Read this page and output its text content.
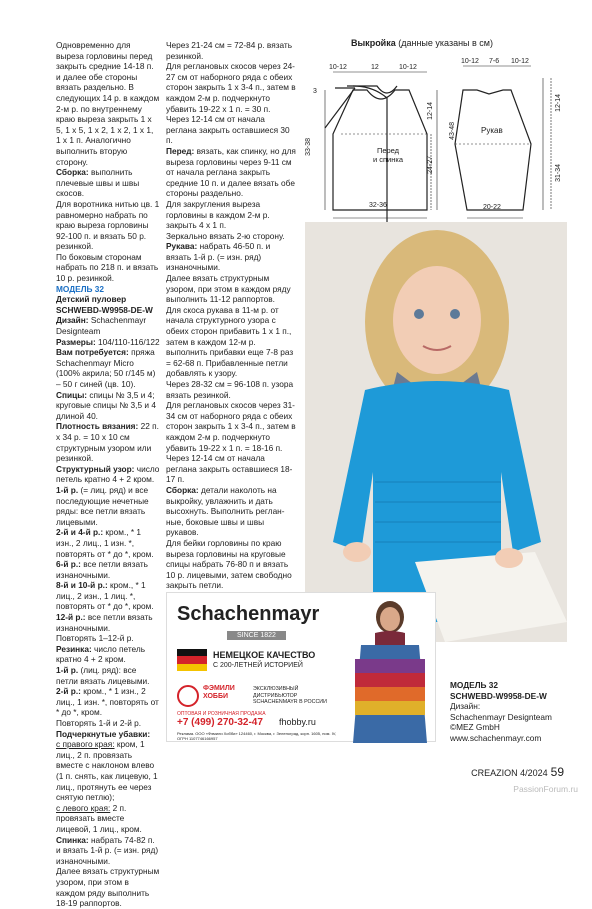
Одновременно для выреза горловины перед закрыть средние 14-18 п. и далее обе стороны вязать раздельно. В следующих 14 р. в каждом 2-м р. по внутреннему краю выреза закрыть 1 х 5, 1 х 5, 1 х 2, 1 х 2, 1 х 1, 1 х 1 п. Аналогично выполнить вторую сторону.

Сборка: выполнить плечевые швы и швы скосов.

Для воротника нитью цв. 1 равномерно набрать по краю выреза горловины 92-100 п. и вязать 50 р. резинкой.

По боковым сторонам набрать по 218 п. и вязать 10 р. резинкой.

МОДЕЛЬ 32

Детский пуловер

SCHWEBD-W9958-DE-W

Дизайн: Schachenmayr Designteam

Размеры: 104/110-116/122

Вам потребуется: пряжа Schachenmayr Micro (100% акрила; 50 г/145 м) – 50 г синей (цв. 10).

Спицы: спицы № 3,5 и 4; круговые спицы № 3,5 и 4 длиной 40.

Плотность вязания: 22 п. х 34 р. = 10 х 10 см структурным узором или резинкой.

Структурный узор: число петель кратно 4 + 2 кром.

1-й р. (= лиц. ряд) и все последующие нечетные ряды: все петли вязать лицевыми.

2-й и 4-й р.: кром., * 1 изн., 2 лиц., 1 изн. *, повторять от * до *, кром.

6-й р.: все петли вязать изнаночными.

8-й и 10-й р.: кром., * 1 лиц., 2 изн., 1 лиц. *, повторять от * до *, кром.

12-й р.: все петли вязать изнаночными.

Повторять 1–12-й р.

Резинка: число петель кратно 4 + 2 кром.

1-й р. (лиц. ряд): все петли вязать лицевыми.

2-й р.: кром., * 1 изн., 2 лиц., 1 изн. *, повторять от * до *, кром.

Повторять 1-й и 2-й р.

Подчеркнутые убавки:

с правого края: кром, 1 лиц., 2 п. провязать вместе с наклоном влево (1 п. снять, как лицевую, 1 лиц., протянуть ее через снятую петлю);

с левого края: 2 п. провязать вместе лицевой, 1 лиц., кром.

Спинка: набрать 74-82 п. и вязать 1-й р. (= изн. ряд) изнаночными.

Далее вязать структурным узором, при этом в каждом ряду выполнить 18-19 раппортов.

Через 21-24 см = 72-84 р. вязать резинкой.

Для реглановых скосов через 24-27 см от наборного ряда с обеих сторон закрыть 1 х 3-4 п., затем в каждом 2-м р. подчеркнуто убавить 19-22 х 1 п. = 30 п.

Через 12-14 см от начала реглана закрыть оставшиеся 30 п.

Перед: вязать, как спинку, но для выреза горловины через 9-11 см от начала реглана закрыть средние 10 п. и далее вязать обе стороны раздельно.

Для закругления выреза горловины в каждом 2-м р. закрыть 4 х 1 п.

Зеркально вязать 2-ю сторону.

Рукава: набрать 46-50 п. и вязать 1-й р. (= изн. ряд) изнаночными.

Далее вязать структурным узором, при этом в каждом ряду выполнить 11-12 раппортов.

Для скоса рукава в 11-м р. от начала структурного узора с обеих сторон прибавить 1 х 1 п., затем в каждом 12-м р. выполнить прибавки еще 7-8 раз = 62-68 п. Прибавленные петли добавлять к узору.

Через 28-32 см = 96-108 п. узора вязать резинкой.

Для реглановых скосов через 31-34 см от наборного ряда с обеих сторон закрыть 1 х 3-4 п., затем в каждом 2-м р. подчеркнуто убавить 19-22 х 1 п. = 18-16 п.

Через 12-14 см от начала реглана закрыть оставшиеся 18-17 п.

Сборка: детали наколоть на выкройку, увлажнить и дать высохнуть. Выполнить реглан-ные, боковые швы и швы рукавов.

Для бейки горловины по краю выреза горловины на круговые спицы набрать 76-80 п и вязать 10 р. лицевыми, затем свободно закрыть петли.

Выкройка (данные указаны в см)
10-12	12	10-12
3
33-38
24-27
12-14
32-36
Перед
и спинка
Рукав
10-12 7-6 10-12
12-14
43-48
31-34
20-22
Schachenmayr
SINCE 1822
НЕМЕЦКОЕ КАЧЕСТВО
С 200-ЛЕТНЕЙ ИСТОРИЕЙ
ФЭМИЛИ
ХОББИ
ЭКСКЛЮЗИВНЫЙ ДИСТРИБЬЮТОР SCHACHENMAYR В РОССИИ
ОПТОВАЯ И РОЗНИЧНАЯ ПРОДАЖА
+7 (499) 270-32-47 fhobby.ru
Реклама. ООО «Фэмили Хобби» 124460, г. Москва, г. Зеленоград, корп. 1605, пом. IV, ОГРН 1107746166957

МОДЕЛЬ 32

SCHWEBD-W9958-DE-W

Дизайн:

Schachenmayr Designteam

©MEZ GmbH

www.schachenmayr.com

CREAZION 4/2024 59
PassionForum.ru
